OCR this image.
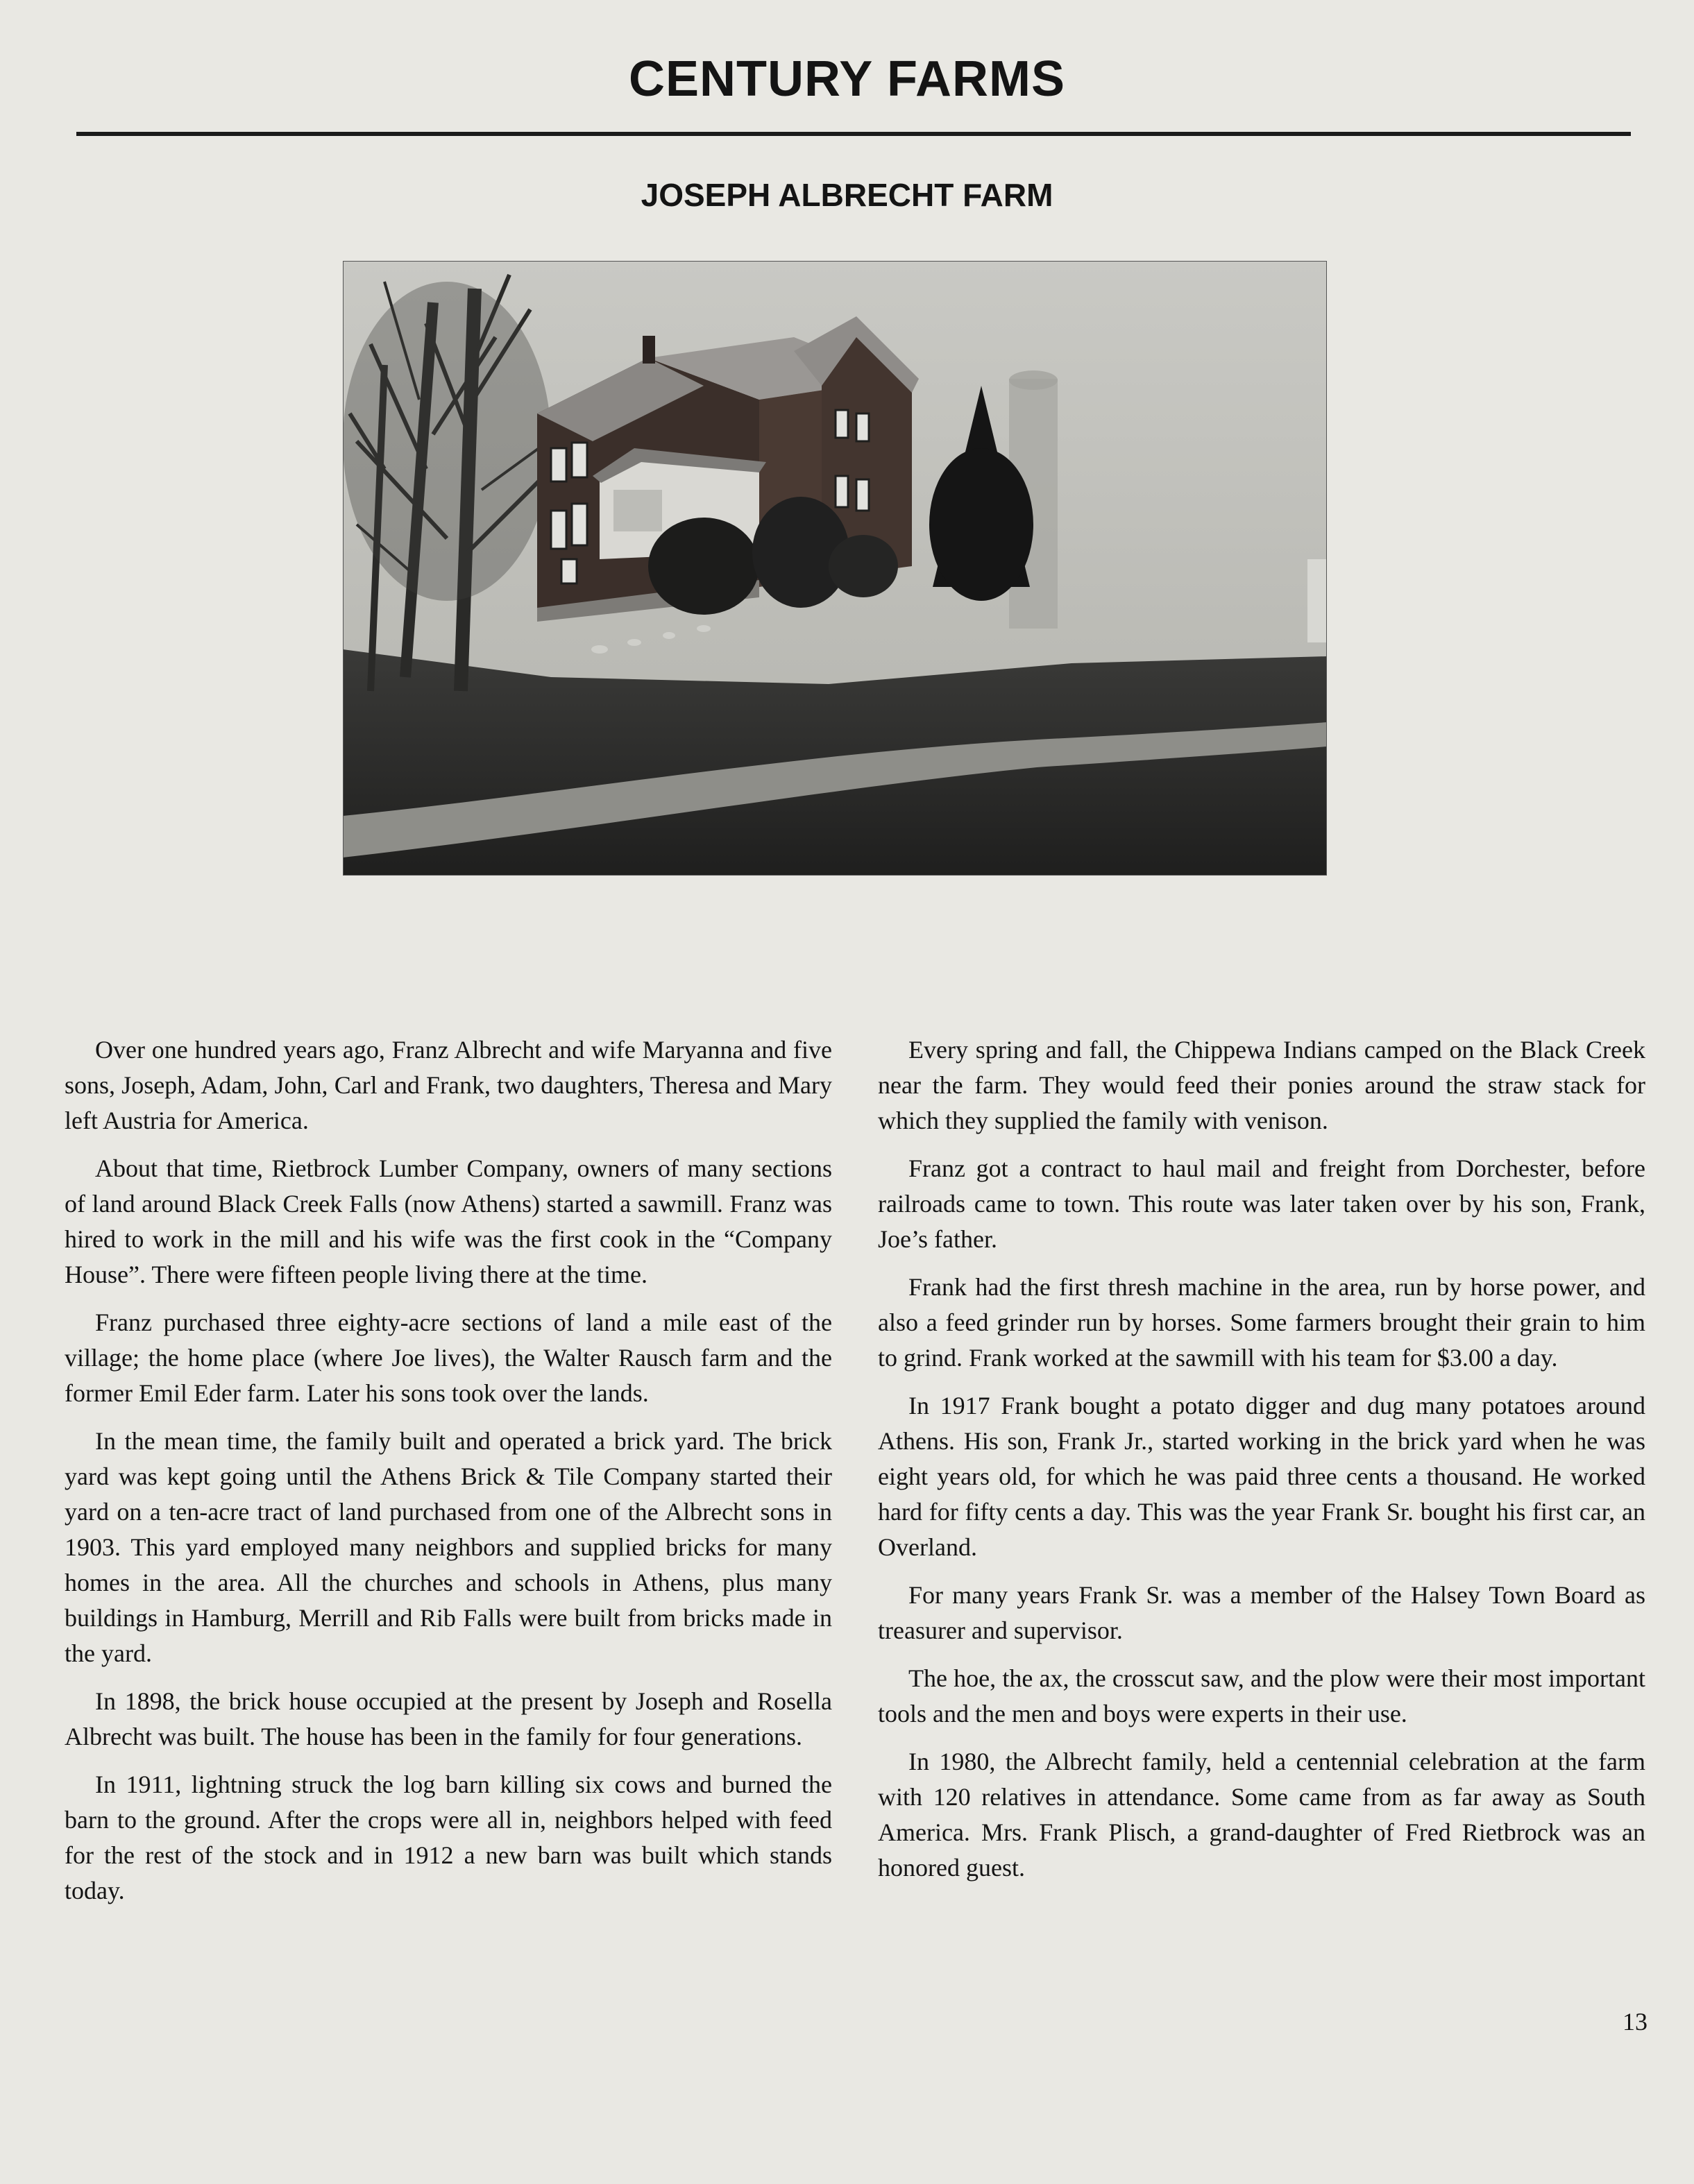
CENTURY FARMS
JOSEPH ALBRECHT FARM

Over one hundred years ago, Franz Albrecht and wife Maryanna and five sons, Joseph, Adam, John, Carl and Frank, two daughters, Theresa and Mary left Austria for America.

About that time, Rietbrock Lumber Company, owners of many sections of land around Black Creek Falls (now Athens) started a sawmill. Franz was hired to work in the mill and his wife was the first cook in the “Company House”. There were fifteen people living there at the time.

Franz purchased three eighty-acre sections of land a mile east of the village; the home place (where Joe lives), the Walter Rausch farm and the former Emil Eder farm. Later his sons took over the lands.

In the mean time, the family built and operated a brick yard. The brick yard was kept going until the Athens Brick & Tile Company started their yard on a ten-acre tract of land purchased from one of the Albrecht sons in 1903. This yard employed many neighbors and supplied bricks for many homes in the area. All the churches and schools in Athens, plus many buildings in Hamburg, Merrill and Rib Falls were built from bricks made in the yard.

In 1898, the brick house occupied at the present by Joseph and Rosella Albrecht was built. The house has been in the family for four generations.

In 1911, lightning struck the log barn killing six cows and burned the barn to the ground. After the crops were all in, neighbors helped with feed for the rest of the stock and in 1912 a new barn was built which stands today.

Every spring and fall, the Chippewa Indians camped on the Black Creek near the farm. They would feed their ponies around the straw stack for which they supplied the family with venison.

Franz got a contract to haul mail and freight from Dorchester, before railroads came to town. This route was later taken over by his son, Frank, Joe’s father.

Frank had the first thresh machine in the area, run by horse power, and also a feed grinder run by horses. Some farmers brought their grain to him to grind. Frank worked at the sawmill with his team for $3.00 a day.

In 1917 Frank bought a potato digger and dug many potatoes around Athens. His son, Frank Jr., started working in the brick yard when he was eight years old, for which he was paid three cents a thousand. He worked hard for fifty cents a day. This was the year Frank Sr. bought his first car, an Overland.

For many years Frank Sr. was a member of the Halsey Town Board as treasurer and supervisor.

The hoe, the ax, the crosscut saw, and the plow were their most important tools and the men and boys were experts in their use.

In 1980, the Albrecht family, held a centennial celebration at the farm with 120 relatives in attendance. Some came from as far away as South America. Mrs. Frank Plisch, a grand-daughter of Fred Rietbrock was an honored guest.

13
